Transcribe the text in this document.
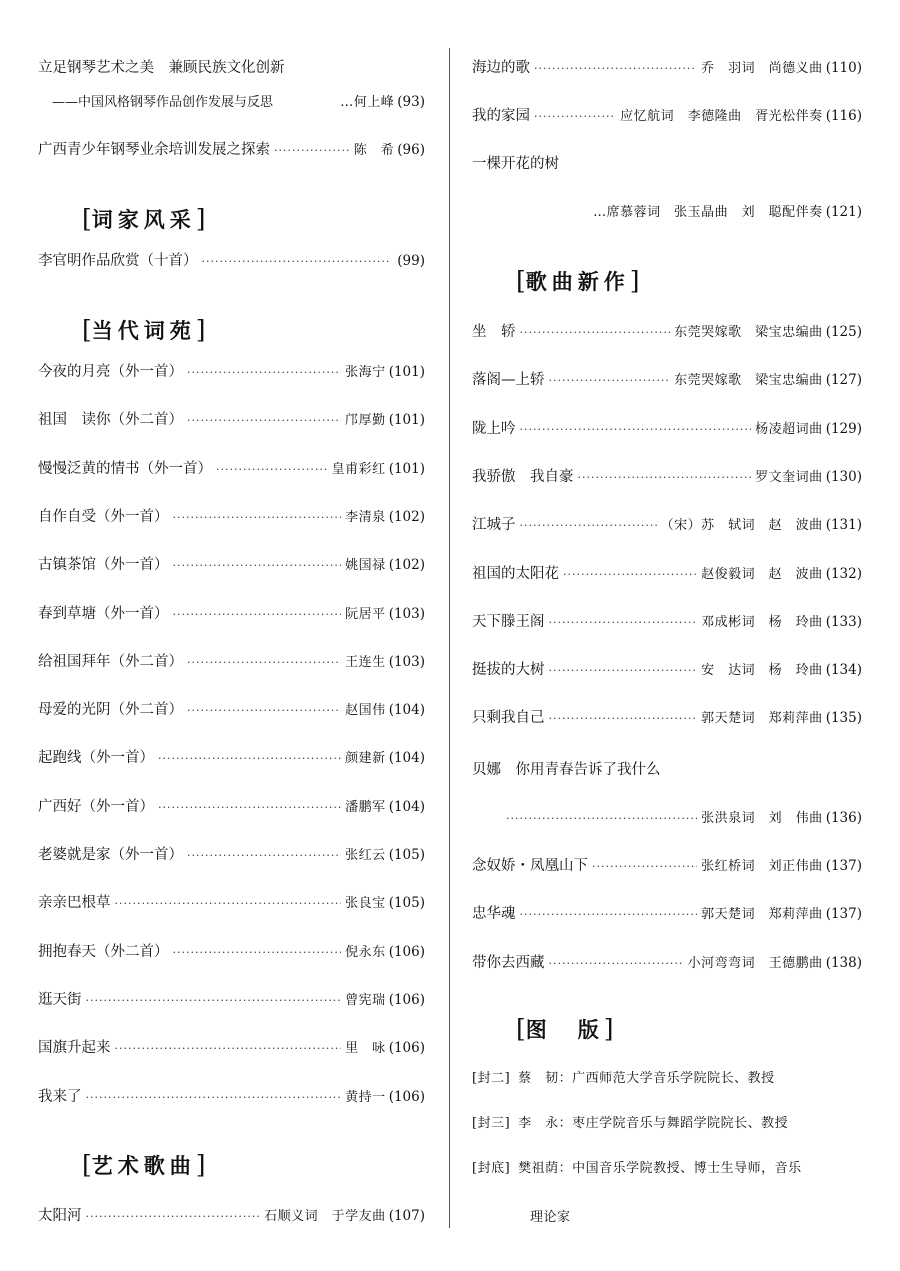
立足钢琴艺术之美　兼顾民族文化创新
——中国风格钢琴作品创作发展与反思	…何上峰 (93)
广西青少年钢琴业余培训发展之探索 ·····	陈　希 (96)
[词家风采]
李官明作品欣赏（十首） ·····	(99)
[当代词苑]
今夜的月亮（外一首） ·····	张海宁 (101)
祖国　读你（外二首） ·····	邝厚勤 (101)
慢慢泛黄的情书（外一首） ·····	皇甫彩红 (101)
自作自受（外一首） ·····	李清泉 (102)
古镇茶馆（外一首） ·····	姚国禄 (102)
春到草塘（外一首） ·····	阮居平 (103)
给祖国拜年（外二首） ·····	王连生 (103)
母爱的光阴（外二首） ·····	赵国伟 (104)
起跑线（外一首） ·····	颜建新 (104)
广西好（外一首） ·····	潘鹏军 (104)
老婆就是家（外一首） ·····	张红云 (105)
亲亲巴根草 ·····	张良宝 (105)
拥抱春天（外二首） ·····	倪永东 (106)
逛天街 ·····	曾宪瑞 (106)
国旗升起来 ·····	里　咏 (106)
我来了 ·····	黄持一 (106)
[艺术歌曲]
太阳河 ·····	石顺义词　于学友曲 (107)
海边的歌 ·····	乔　羽词　尚德义曲 (110)
我的家园 ·····	应忆航词　李德隆曲　胥光松伴奏 (116)
一棵开花的树
…席慕蓉词　张玉晶曲　刘　聪配伴奏 (121)
[歌曲新作]
坐　轿 ·····	东莞哭嫁歌　梁宝忠编曲 (125)
落阁—上轿 ·····	东莞哭嫁歌　梁宝忠编曲 (127)
陇上吟 ·····	杨凌超词曲 (129)
我骄傲　我自豪 ·····	罗文奎词曲 (130)
江城子 ·····	（宋）苏　轼词　赵　波曲 (131)
祖国的太阳花 ·····	赵俊毅词　赵　波曲 (132)
天下滕王阁 ·····	邓成彬词　杨　玲曲 (133)
挺拔的大树 ·····	安　达词　杨　玲曲 (134)
只剩我自己 ·····	郭天楚词　郑莉萍曲 (135)
贝娜　你用青春告诉了我什么
·····
张洪泉词　刘　伟曲 (136)
念奴娇・凤凰山下 ·····	张红桥词　刘正伟曲 (137)
忠华魂 ·····	郭天楚词　郑莉萍曲 (137)
带你去西藏 ·····	小河弯弯词　王德鹏曲 (138)
[图　版]
[封二] 蔡　韧：广西师范大学音乐学院院长、教授
[封三] 李　永：枣庄学院音乐与舞蹈学院院长、教授
[封底] 樊祖荫：中国音乐学院教授、博士生导师，音乐
理论家
